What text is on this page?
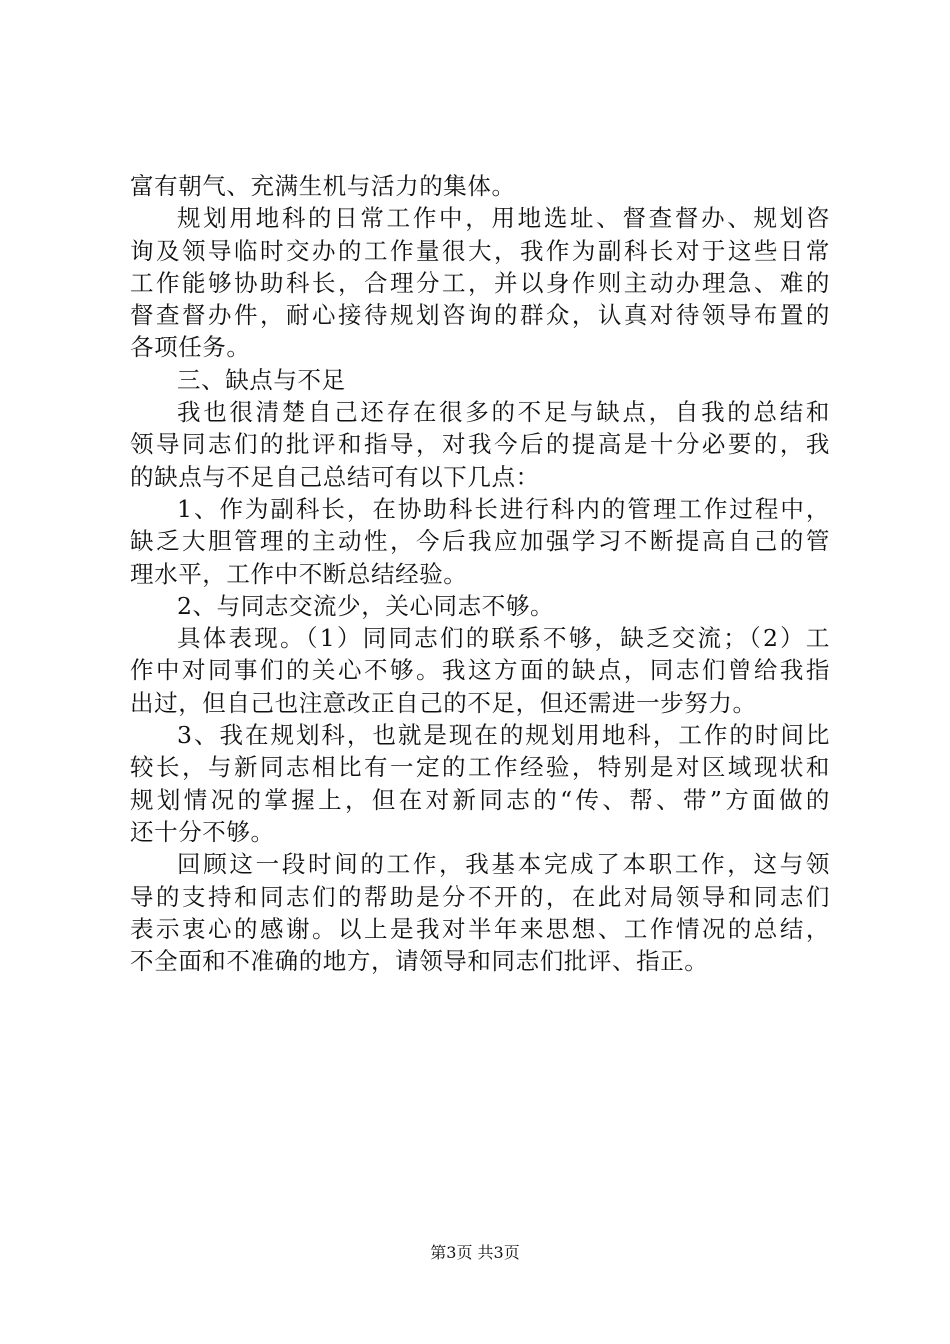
富有朝气、充满生机与活力的集体。
规划用地科的日常工作中，用地选址、督查督办、规划咨
询及领导临时交办的工作量很大，我作为副科长对于这些日常
工作能够协助科长，合理分工，并以身作则主动办理急、难的
督查督办件，耐心接待规划咨询的群众，认真对待领导布置的
各项任务。
三、缺点与不足
我也很清楚自己还存在很多的不足与缺点，自我的总结和
领导同志们的批评和指导，对我今后的提高是十分必要的，我
的缺点与不足自己总结可有以下几点：
1、作为副科长，在协助科长进行科内的管理工作过程中，
缺乏大胆管理的主动性，今后我应加强学习不断提高自己的管
理水平，工作中不断总结经验。
2、与同志交流少，关心同志不够。
具体表现。（1）同同志们的联系不够，缺乏交流；（2）工
作中对同事们的关心不够。我这方面的缺点，同志们曾给我指
出过，但自己也注意改正自己的不足，但还需进一步努力。
3、我在规划科，也就是现在的规划用地科，工作的时间比
较长，与新同志相比有一定的工作经验，特别是对区域现状和
规划情况的掌握上，但在对新同志的“传、帮、带”方面做的
还十分不够。
回顾这一段时间的工作，我基本完成了本职工作，这与领
导的支持和同志们的帮助是分不开的，在此对局领导和同志们
表示衷心的感谢。以上是我对半年来思想、工作情况的总结，
不全面和不准确的地方，请领导和同志们批评、指正。
第3页 共3页
